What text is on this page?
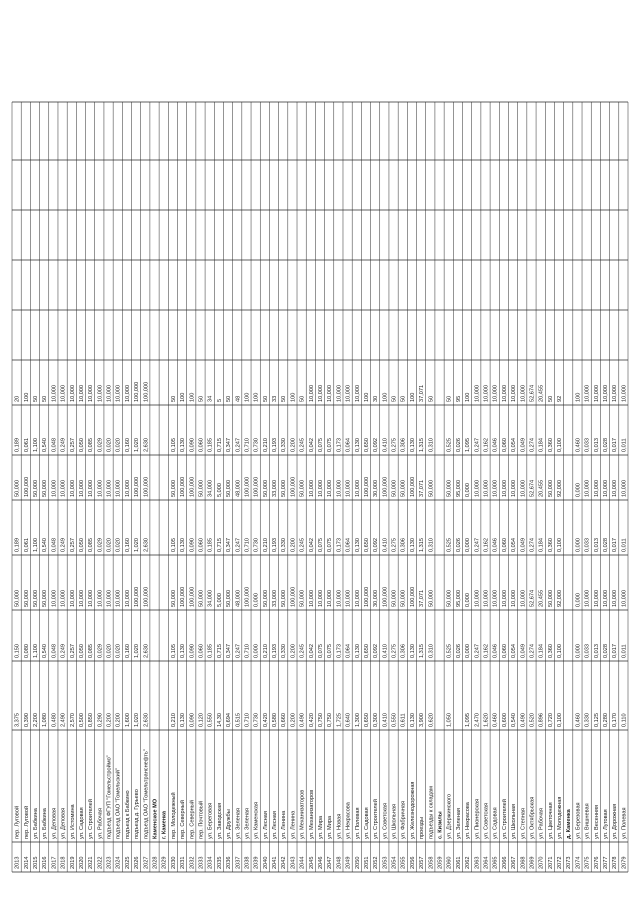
2013
пер. Луговой
3,375
0,150
50,000
0,189
50,000
0,189
20
2014
пер. Луговой
0,390
0,080
50,000
0,061
100,000
0,061
100
2015
ул. Бабкина
2,200
1,100
50,000
1,100
50,000
1,100
50
2016
ул. Бабкина
1,080
0,540
50,000
0,540
50,000
0,540
50
2017
ул. Деповая
0,480
0,048
10,000
0,048
10,000
0,048
10,000
2018
ул. Деповая
2,490
0,249
10,000
0,249
10,000
0,249
10,000
2019
ул. Истомина
2,570
0,257
10,000
0,257
10,000
0,257
10,000
2020
ул. Садовая
0,500
0,050
10,000
0,050
10,000
0,050
10,000
2021
ул. Строителей
0,850
0,085
10,000
0,085
10,000
0,085
10,000
2022
ул. Рабочая
0,290
0,029
10,000
0,029
10,000
0,029
10,000
2023
подъезд ФГУП "Гомельстроймо"
0,200
0,020
10,000
0,020
10,000
0,020
10,000
2024
подъезд ОАО "Гомельский"
0,200
0,020
10,000
0,020
10,000
0,020
10,000
2025
подъезд к Бабкино
1,600
0,160
10,000
0,160
10,000
0,160
10,000
2026
подъезд д. Гурьево
1,020
1,020
100,000
1,020
100,000
1,020
100,000
2027
подъезд ОАО "Гомельтранснефть"
2,630
2,630
100,000
2,630
100,000
2,630
100,000
2028
Каменское МО
2029
г. Каменка
2030
пер. Молодежный
0,210
0,105
50,000
0,105
50,000
0,105
50
2031
пер. Северный
0,130
0,130
100,000
0,130
100,000
0,130
100
2032
пер. Северный
0,090
0,090
100,000
0,090
100,000
0,090
100
2033
пер. Почтовый
0,120
0,060
50,000
0,060
50,000
0,060
50
2034
ул. Береговая
0,550
0,185
34,000
0,185
34,000
0,185
34
2035
ул. Заводская
14,30
0,715
5,000
0,715
5,000
0,715
5
2036
ул. Дружбы
0,694
0,347
50,000
0,347
50,000
0,347
50
2037
ул. Зеленая
0,515
0,247
48,000
0,247
48,000
0,247
48
2038
ул. Зеленая
0,710
0,710
100,000
0,710
100,000
0,710
100
2039
ул. Каменская
0,730
0,000
0,000
0,730
100,000
0,730
100
2040
ул. Лесная
0,420
0,210
50,000
0,210
50,000
0,210
50
2041
ул. Лесная
0,580
0,193
33,000
0,193
33,000
0,193
33
2042
ул. Ленина
0,660
0,330
50,000
0,330
50,000
0,330
50
2043
ул. Ленина
0,200
0,200
100,000
0,200
100,000
0,200
100
2044
ул. Механизаторов
0,490
0,245
50,000
0,245
50,000
0,245
50
2045
ул. Механизаторов
0,420
0,042
10,000
0,042
10,000
0,042
10,000
2046
ул. Мира
0,750
0,075
10,000
0,075
10,000
0,075
10,000
2047
ул. Мира
0,750
0,075
10,000
0,075
10,000
0,075
10,000
2048
ул. Новая
1,725
0,173
10,000
0,173
10,000
0,173
10,000
2049
ул. Некрасова
0,640
0,064
10,000
0,064
10,000
0,064
10,000
2050
ул. Полевая
1,300
0,130
10,000
0,130
10,000
0,130
10,000
2051
ул. Садовая
0,650
0,650
100,000
0,650
100,000
0,650
100
2052
ул. Строителей
0,300
0,092
30,000
0,092
30,000
0,092
30
2053
ул. Советская
0,410
0,410
100,000
0,410
100,000
0,410
100
2054
ул. Школьная
0,550
0,275
50,000
0,275
50,000
0,275
50
2055
ул. Фабричная
0,611
0,306
50,000
0,306
50,000
0,306
50
2056
ул. Железнодорожная
0,130
0,130
100,000
0,130
100,000
0,130
100
2057
проезды
3,900
1,315
37,071
1,315
37,071
1,315
37,071
2058
подъезды к складам
0,620
0,310
50,000
0,310
50,000
0,310
50
2059
с. Кизилы
2060
ул. Дзержинского
1,050
0,525
50,000
0,525
50,000
0,525
50
2061
ул. Зеленая
0,026
95,000
0,026
95,000
0,026
95
2062
ул. Некрасова
1,095
0,000
0,000
0,000
0,000
1,095
100
2063
ул. Пионерская
2,470
0,247
10,000
0,247
10,000
0,247
10,000
2064
ул. Советская
1,620
0,162
10,000
0,162
10,000
0,162
10,000
2065
ул. Садовая
0,460
0,046
10,000
0,046
10,000
0,046
10,000
2066
ул. Строителей
0,600
0,060
10,000
0,060
10,000
0,060
10,000
2067
ул. Школьная
0,540
0,054
10,000
0,054
10,000
0,054
10,000
2068
ул. Степная
0,490
0,049
10,000
0,049
10,000
0,049
10,000
2069
ул. Октябрьская
0,520
0,274
52,674
0,274
52,674
0,274
52,674
2070
ул. Рабочая
0,896
0,184
20,455
0,184
20,455
0,184
20,455
2071
ул. Цветочная
0,720
0,360
50,000
0,360
50,000
0,360
50
2072
ул. Молодежная
0,100
0,100
92,000
0,100
92,000
0,100
92
2073
д. Каменка
2074
ул. Березовая
0,460
0,000
0,000
0,000
0,000
0,460
100
2075
ул. Вишневая
0,330
0,033
10,000
0,033
10,000
0,033
10,000
2076
ул. Весенняя
0,125
0,013
10,000
0,013
10,000
0,013
10,000
2077
ул. Луговая
0,280
0,028
10,000
0,028
10,000
0,028
10,000
2078
ул. Дорожная
0,170
0,017
10,000
0,017
10,000
0,017
10,000
2079
ул. Полевая
0,110
0,011
10,000
0,011
10,000
0,011
10,000
